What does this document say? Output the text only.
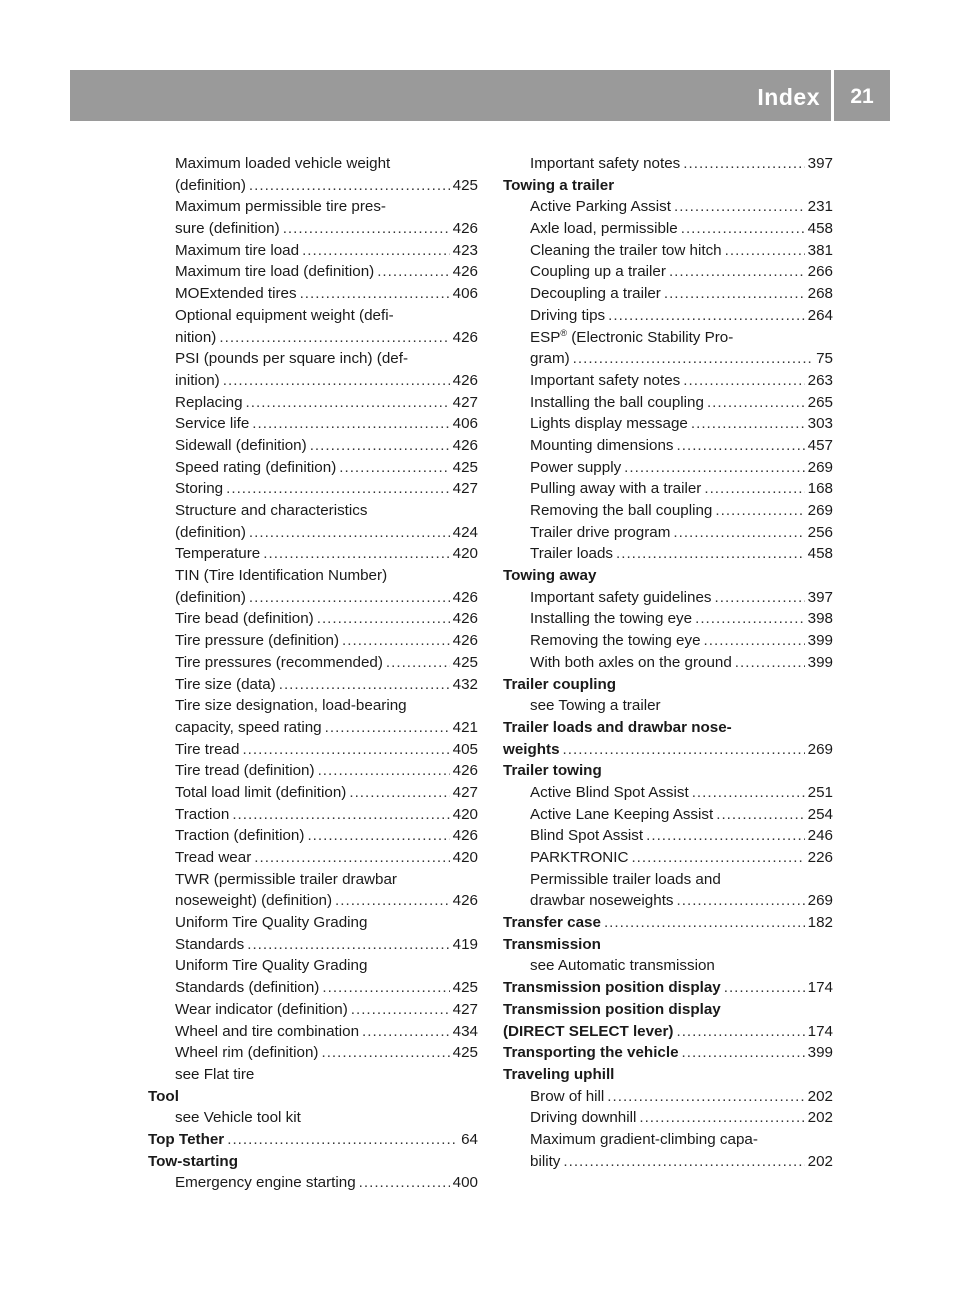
Index	21
Maximum loaded vehicle weight
(definition) .....	425
Maximum permissible tire pres-
sure (definition) .....	426
Maximum tire load .....	423
Maximum tire load (definition) .....	426
MOExtended tires .....	406
Optional equipment weight (defi-
nition) .....	426
PSI (pounds per square inch) (def-
inition) .....	426
Replacing .....	427
Service life .....	406
Sidewall (definition) .....	426
Speed rating (definition) .....	425
Storing .....	427
Structure and characteristics
(definition) .....	424
Temperature .....	420
TIN (Tire Identification Number)
(definition) .....	426
Tire bead (definition) .....	426
Tire pressure (definition) .....	426
Tire pressures (recommended) .....	425
Tire size (data) .....	432
Tire size designation, load-bearing
capacity, speed rating .....	421
Tire tread .....	405
Tire tread (definition) .....	426
Total load limit (definition) .....	427
Traction .....	420
Traction (definition) .....	426
Tread wear .....	420
TWR (permissible trailer drawbar
noseweight) (definition) .....	426
Uniform Tire Quality Grading
Standards .....	419
Uniform Tire Quality Grading
Standards (definition) .....	425
Wear indicator (definition) .....	427
Wheel and tire combination .....	434
Wheel rim (definition) .....	425
see Flat tire
Tool
see Vehicle tool kit
Top Tether .....	64
Tow-starting
Emergency engine starting .....	400
Important safety notes .....	397
Towing a trailer
Active Parking Assist .....	231
Axle load, permissible .....	458
Cleaning the trailer tow hitch .....	381
Coupling up a trailer .....	266
Decoupling a trailer .....	268
Driving tips .....	264
ESP® (Electronic Stability Pro-
gram) .....	75
Important safety notes .....	263
Installing the ball coupling .....	265
Lights display message .....	303
Mounting dimensions .....	457
Power supply .....	269
Pulling away with a trailer .....	168
Removing the ball coupling .....	269
Trailer drive program .....	256
Trailer loads .....	458
Towing away
Important safety guidelines .....	397
Installing the towing eye .....	398
Removing the towing eye .....	399
With both axles on the ground .....	399
Trailer coupling
see Towing a trailer
Trailer loads and drawbar nose-
weights .....	269
Trailer towing
Active Blind Spot Assist .....	251
Active Lane Keeping Assist .....	254
Blind Spot Assist .....	246
PARKTRONIC .....	226
Permissible trailer loads and
drawbar noseweights .....	269
Transfer case .....	182
Transmission
see Automatic transmission
Transmission position display .....	174
Transmission position display
(DIRECT SELECT lever) .....	174
Transporting the vehicle .....	399
Traveling uphill
Brow of hill .....	202
Driving downhill .....	202
Maximum gradient-climbing capa-
bility .....	202
